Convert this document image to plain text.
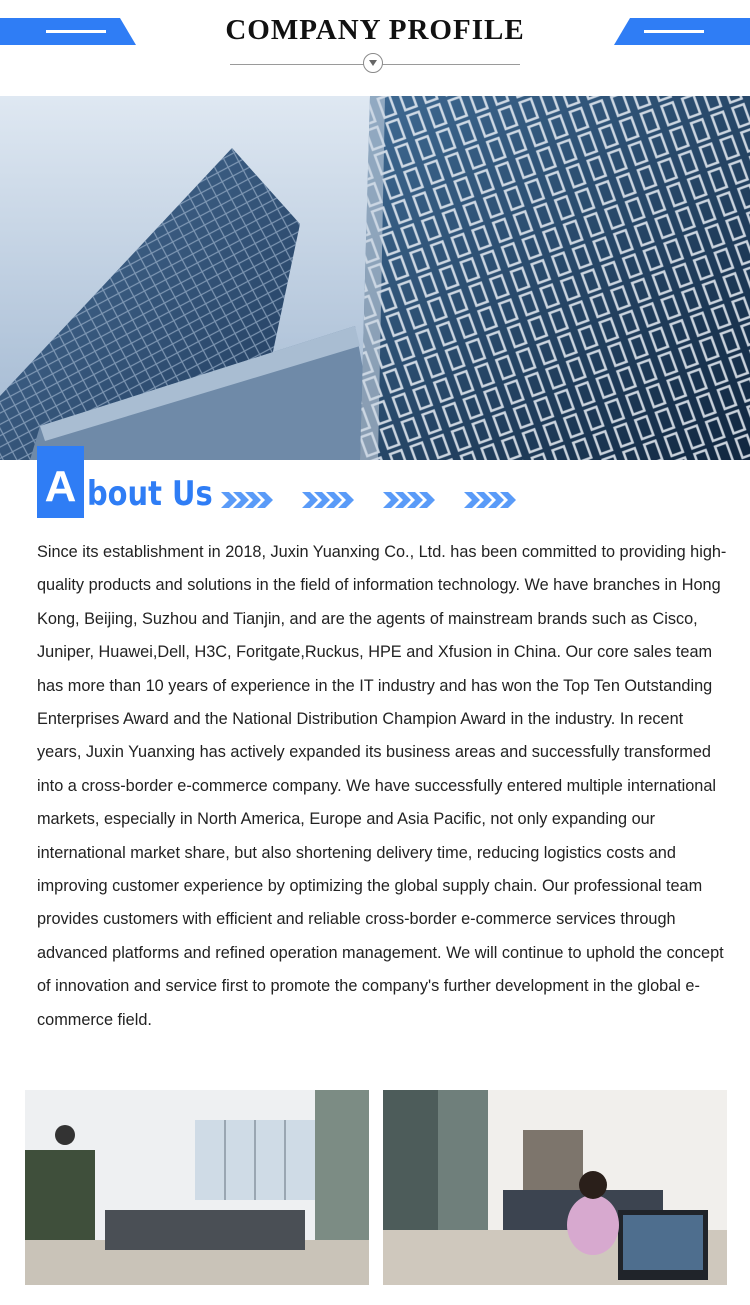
COMPANY PROFILE
A bout Us
Since its establishment in 2018, Juxin Yuanxing Co., Ltd. has been committed to providing high-quality products and solutions in the field of information technology. We have branches in Hong Kong, Beijing, Suzhou and Tianjin, and are the agents of mainstream brands such as Cisco, Juniper, Huawei,Dell, H3C, Foritgate,Ruckus, HPE and Xfusion in China. Our core sales team has more than 10 years of experience in the IT industry and has won the Top Ten Outstanding Enterprises Award and the National Distribution Champion Award in the industry. In recent years, Juxin Yuanxing has actively expanded its business areas and successfully transformed into a cross-border e-commerce company. We have successfully entered multiple international markets, especially in North America, Europe and Asia Pacific, not only expanding our international market share, but also shortening delivery time, reducing logistics costs and improving customer experience by optimizing the global supply chain. Our professional team provides customers with efficient and reliable cross-border e-commerce services through advanced platforms and refined operation management. We will continue to uphold the concept of innovation and service first to promote the company's further development in the global e-commerce field.
